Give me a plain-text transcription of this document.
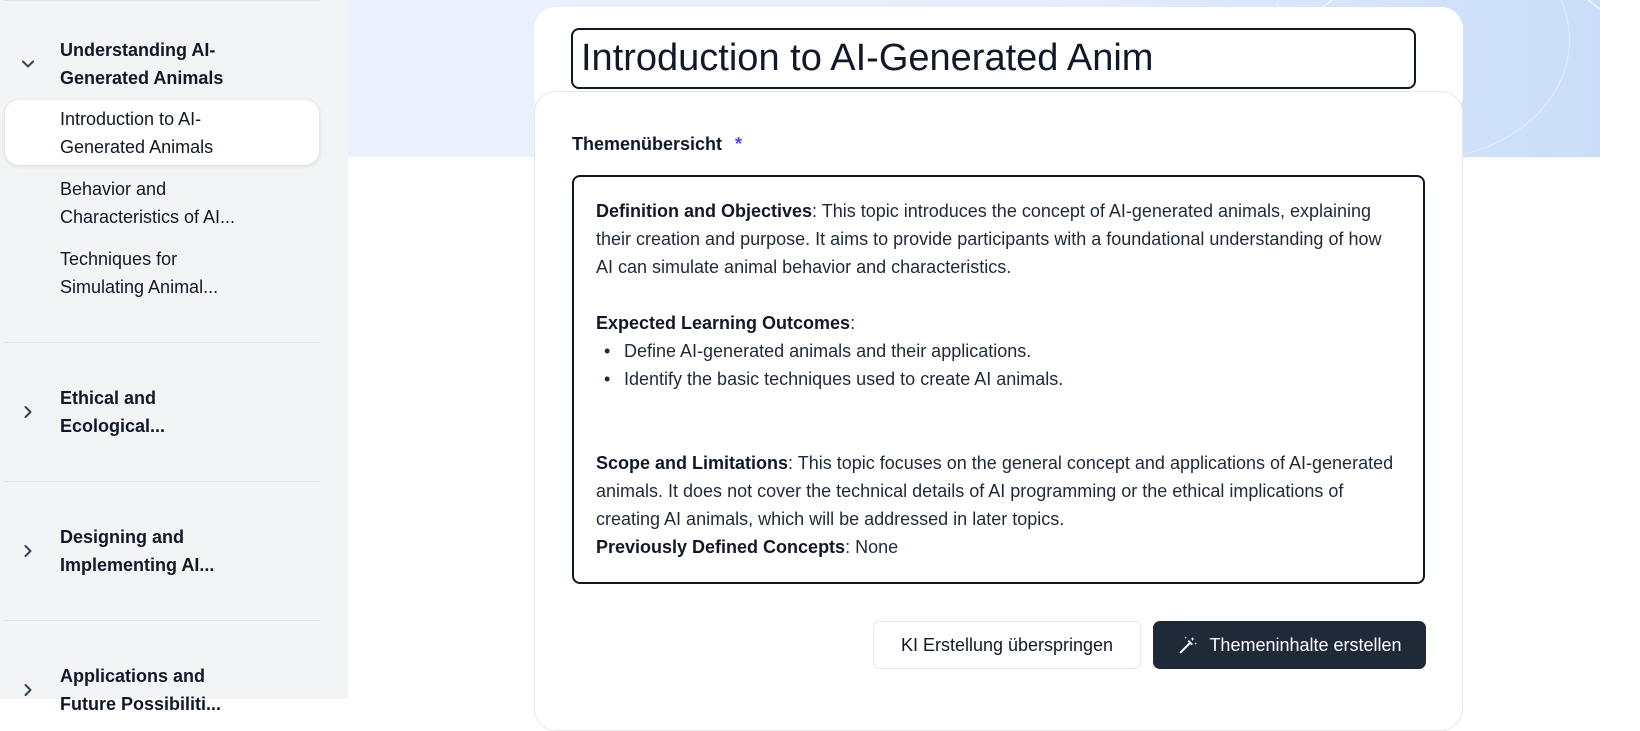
Understanding AI-Generated Animals
Introduction to AI-Generated Animals
Behavior and Characteristics of AI...
Techniques for Simulating Animal...
Ethical and Ecological...
Designing and Implementing AI...
Applications and Future Possibiliti...
Introduction to AI-Generated Anim
Themenübersicht *

Definition and Objectives: This topic introduces the concept of AI-generated animals, explaining their creation and purpose. It aims to provide participants with a foundational understanding of how AI can simulate animal behavior and characteristics.

Expected Learning Outcomes:

• Define AI-generated animals and their applications.
• Identify the basic techniques used to create AI animals.

Scope and Limitations: This topic focuses on the general concept and applications of AI-generated animals. It does not cover the technical details of AI programming or the ethical implications of creating AI animals, which will be addressed in later topics.

Previously Defined Concepts: None

KI Erstellung überspringen	Themeninhalte erstellen
